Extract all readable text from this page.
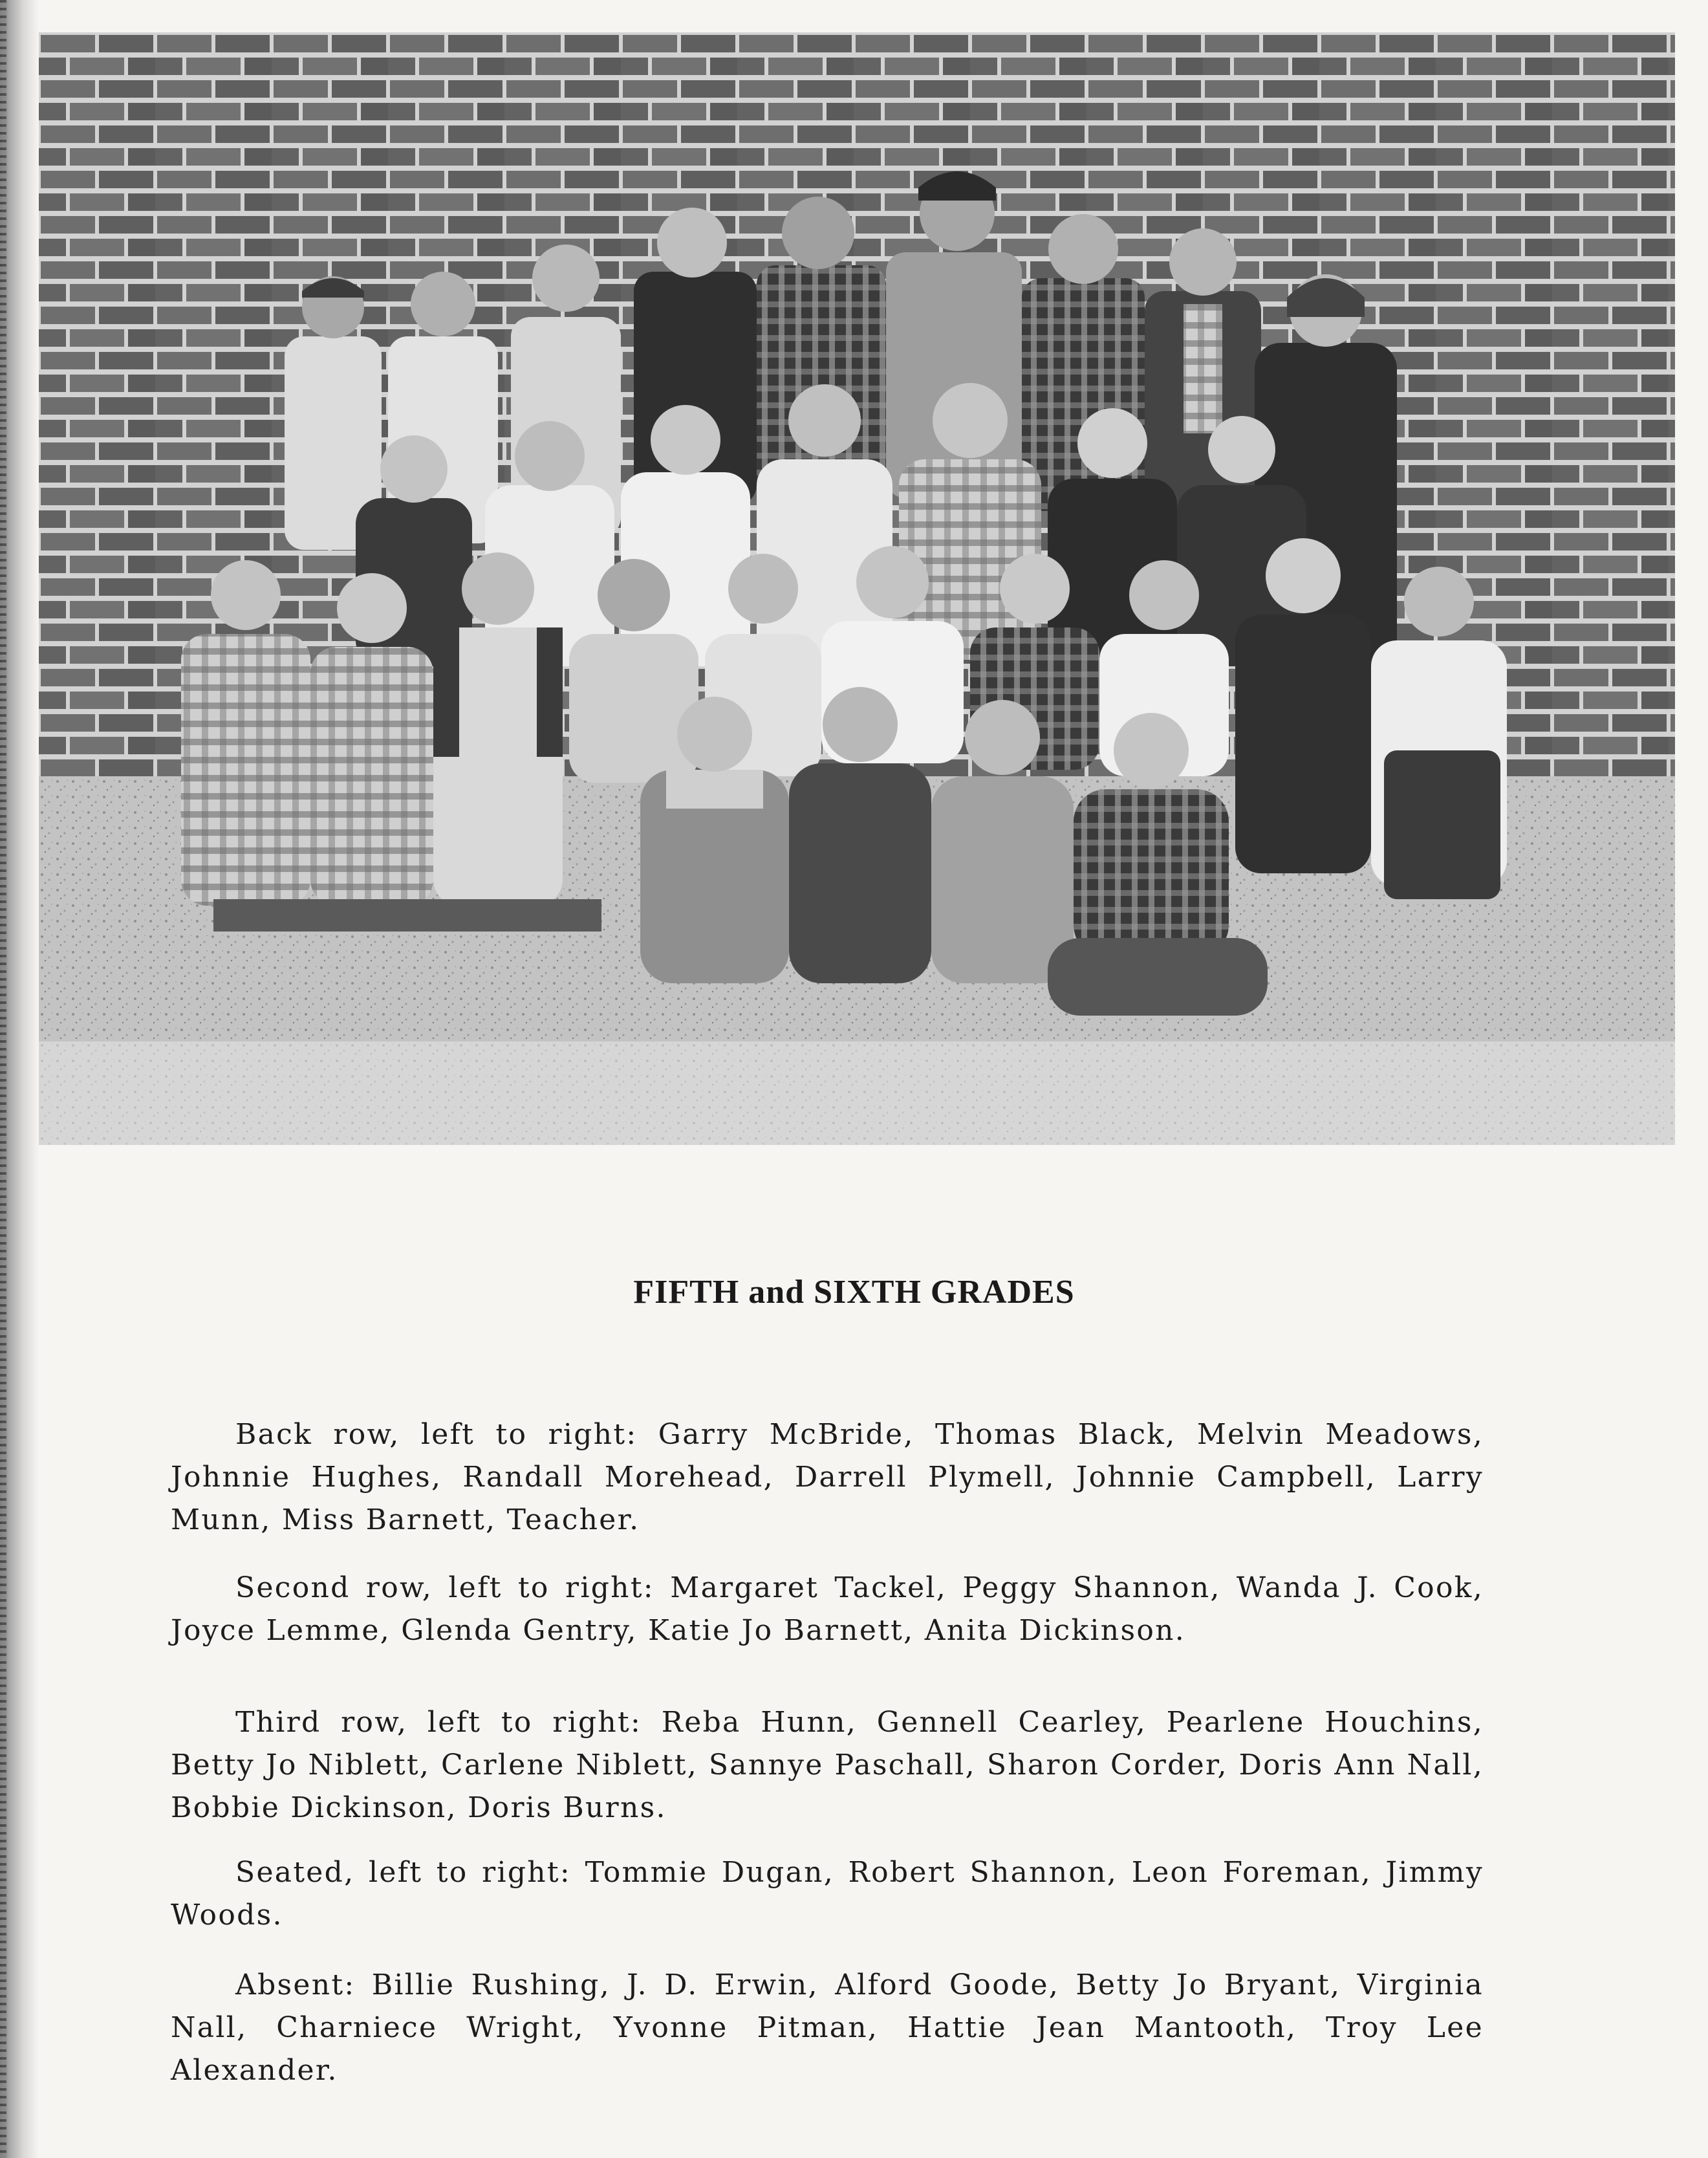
FIFTH and SIXTH GRADES

Back row, left to right: Garry McBride, Thomas Black, Melvin Meadows, Johnnie Hughes, Randall Morehead, Darrell Plymell, Johnnie Campbell, Larry Munn, Miss Barnett, Teacher.

Second row, left to right: Margaret Tackel, Peggy Shannon, Wanda J. Cook, Joyce Lemme, Glenda Gentry, Katie Jo Barnett, Anita Dickinson.

Third row, left to right: Reba Hunn, Gennell Cearley, Pearlene Houchins, Betty Jo Niblett, Carlene Niblett, Sannye Paschall, Sharon Corder, Doris Ann Nall, Bobbie Dickinson, Doris Burns.

Seated, left to right: Tommie Dugan, Robert Shannon, Leon Foreman, Jimmy Woods.

Absent: Billie Rushing, J. D. Erwin, Alford Goode, Betty Jo Bryant, Virginia Nall, Charniece Wright, Yvonne Pitman, Hattie Jean Mantooth, Troy Lee Alexander.
